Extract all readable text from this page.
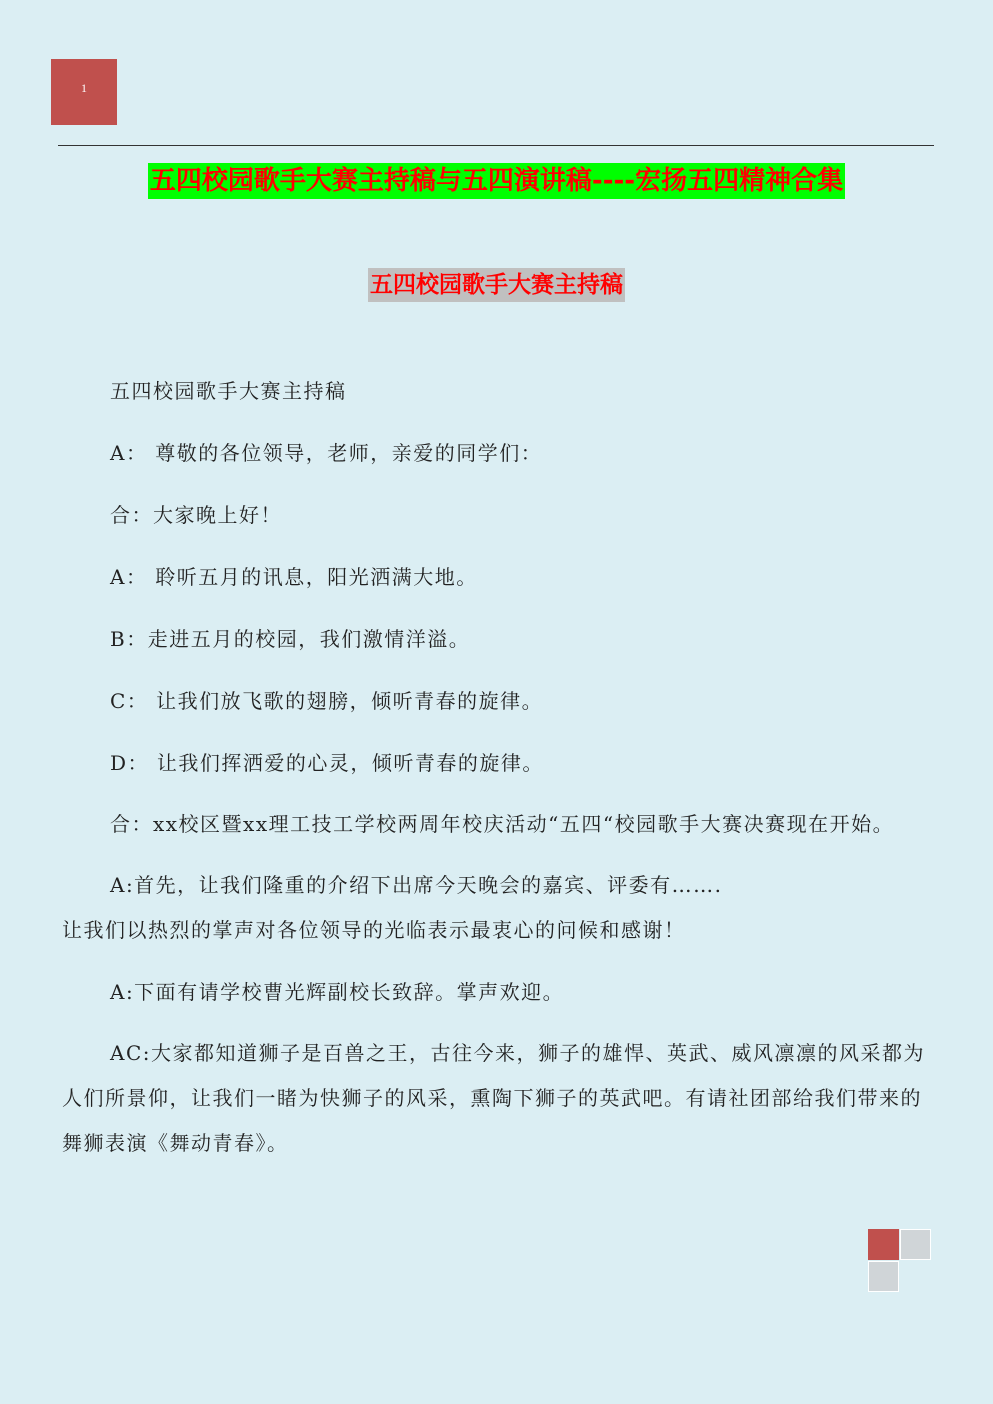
1
五四校园歌手大赛主持稿与五四演讲稿----宏扬五四精神合集
五四校园歌手大赛主持稿

五四校园歌手大赛主持稿

A： 尊敬的各位领导，老师，亲爱的同学们：

合：大家晚上好！

A： 聆听五月的讯息，阳光洒满大地。

B：走进五月的校园，我们激情洋溢。

C： 让我们放飞歌的翅膀，倾听青春的旋律。

D： 让我们挥洒爱的心灵，倾听青春的旋律。

合：xx校区暨xx理工技工学校两周年校庆活动“五四“校园歌手大赛决赛现在开始。

A:首先，让我们隆重的介绍下出席今天晚会的嘉宾、评委有…….
让我们以热烈的掌声对各位领导的光临表示最衷心的问候和感谢！

A:下面有请学校曹光辉副校长致辞。掌声欢迎。

AC:大家都知道狮子是百兽之王，古往今来，狮子的雄悍、英武、威风凛凛的风采都为人们所景仰，让我们一睹为快狮子的风采，熏陶下狮子的英武吧。有请社团部给我们带来的舞狮表演《舞动青春》。
